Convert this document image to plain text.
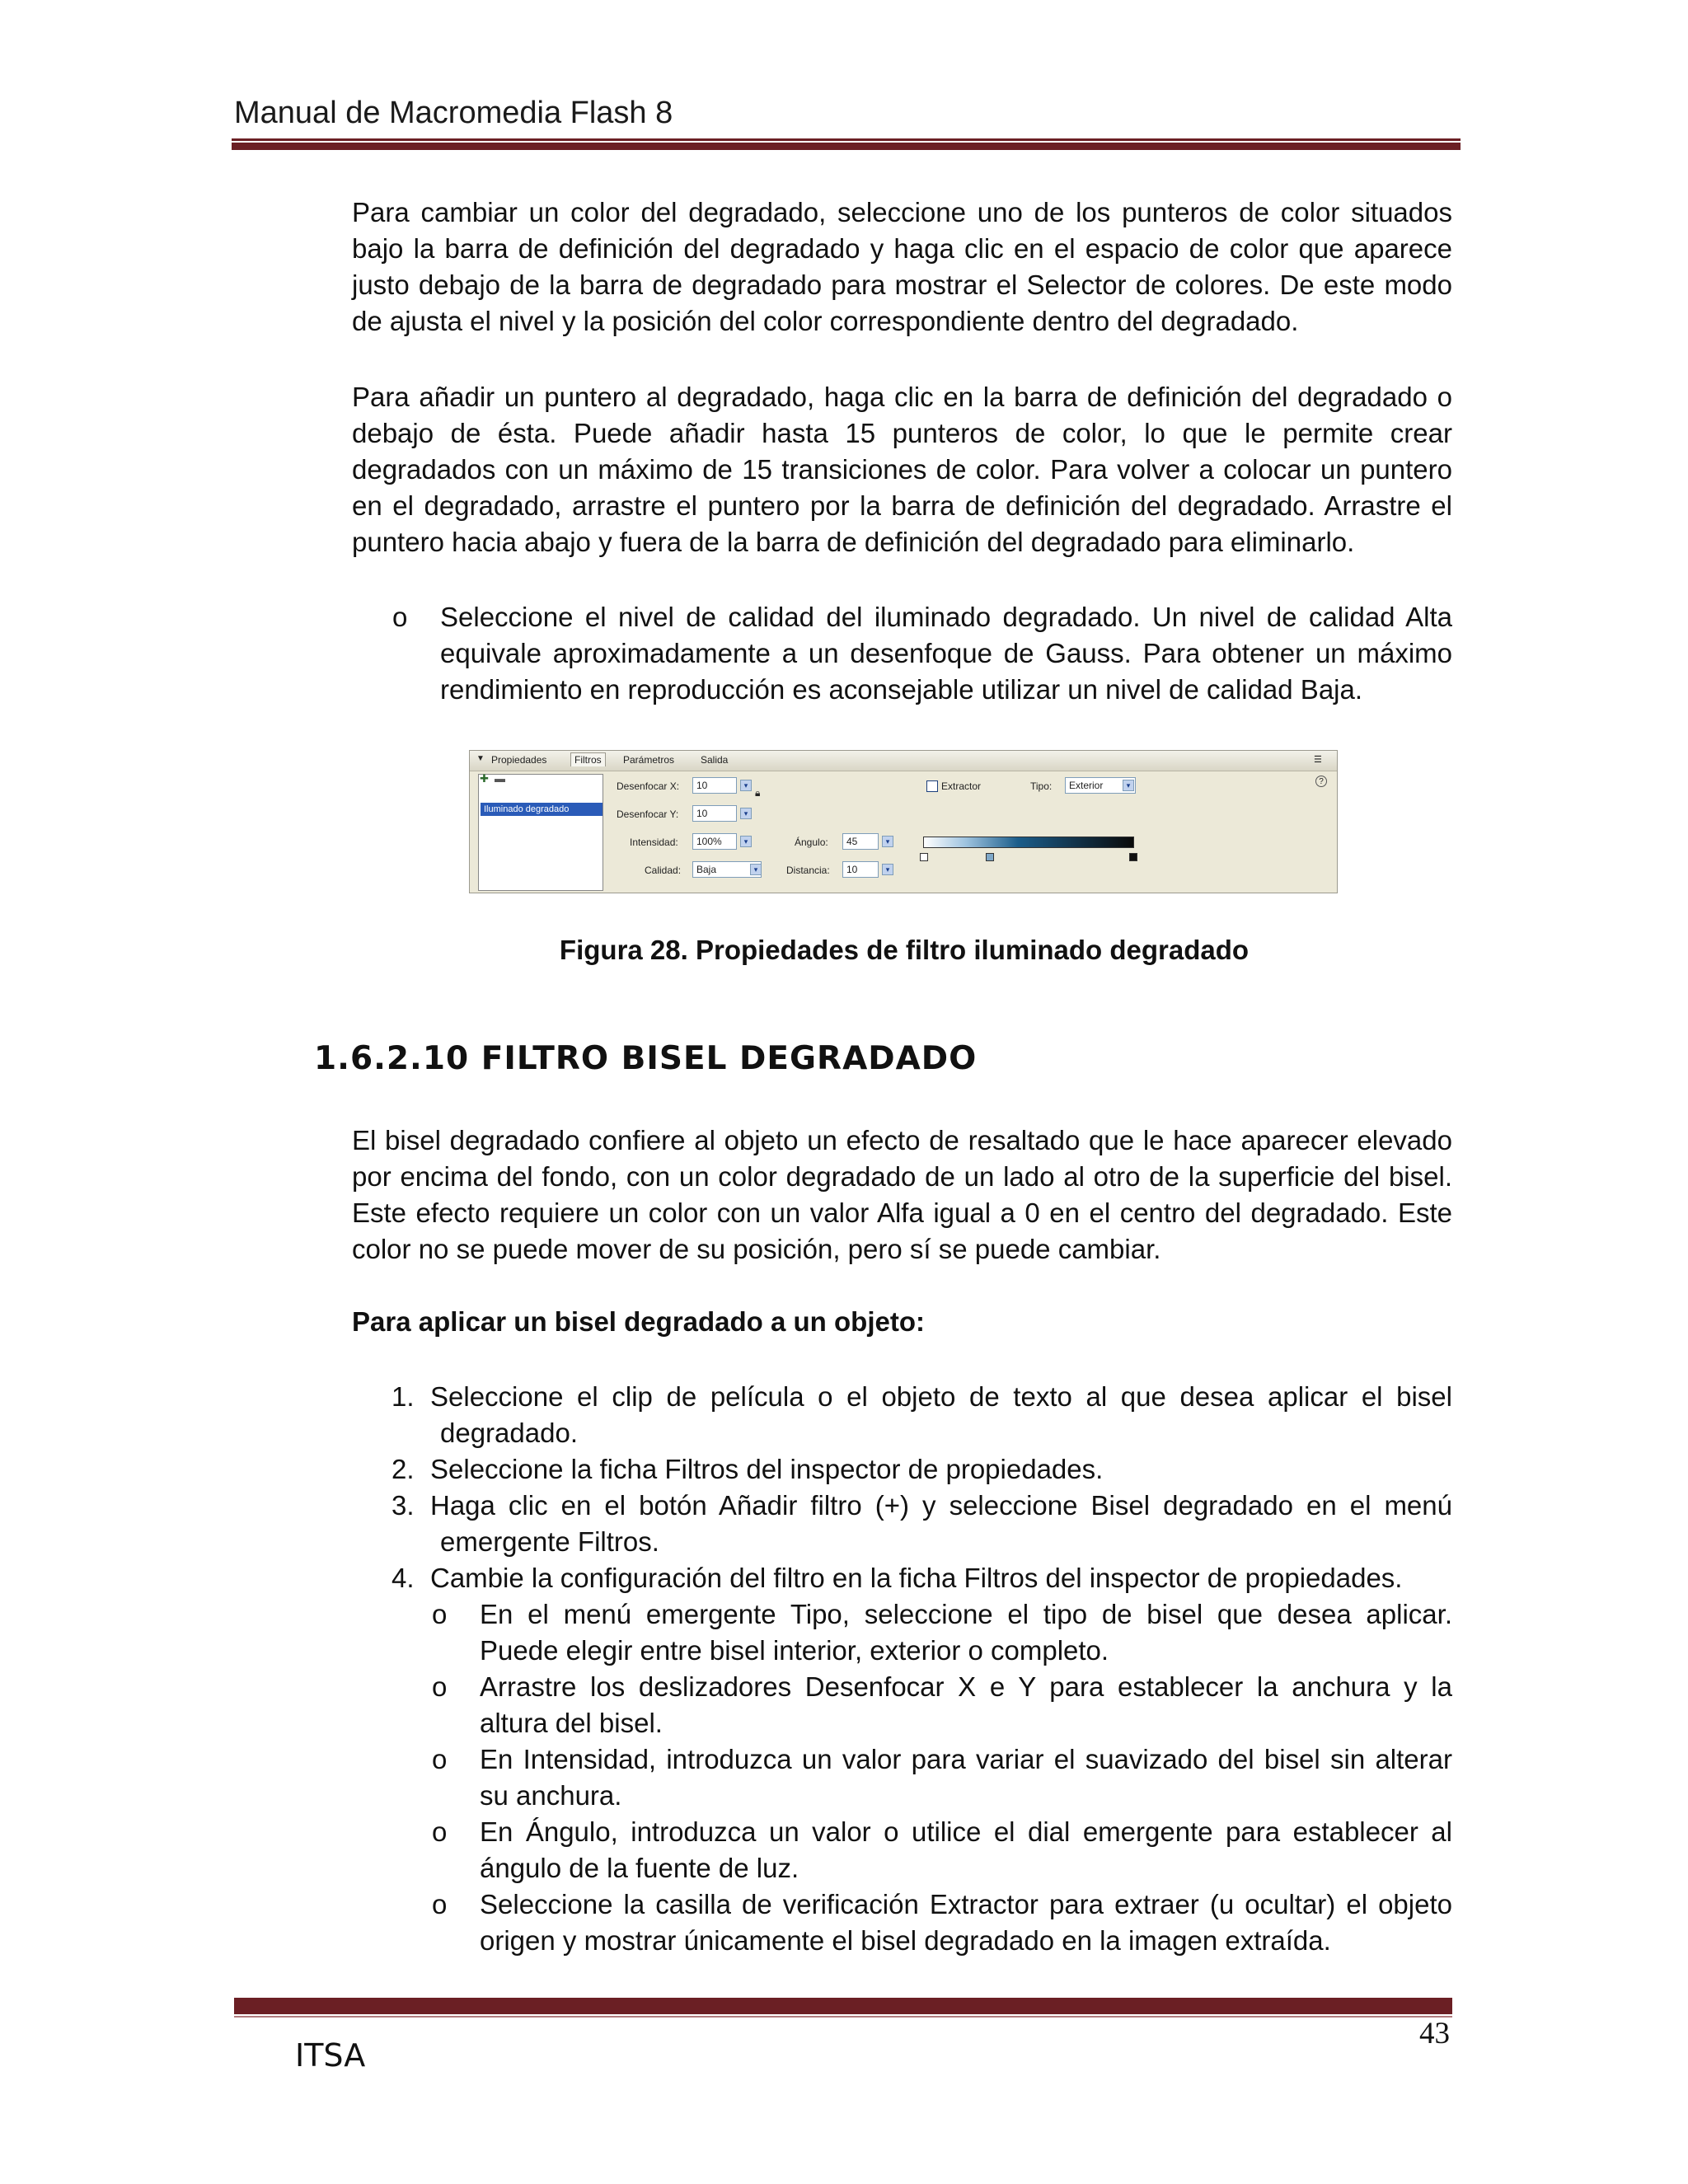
Manual de Macromedia Flash 8
Para cambiar un color del degradado, seleccione uno de los punteros de color situados bajo la barra de definición del degradado y haga clic en el espacio de color que aparece justo debajo de la barra de degradado para mostrar el Selector de colores. De este modo de ajusta el nivel y la posición del color correspondiente dentro del degradado.
Para añadir un puntero al degradado, haga clic en la barra de definición del degradado o debajo de ésta. Puede añadir hasta 15 punteros de color, lo que le permite crear degradados con un máximo de 15 transiciones de color. Para volver a colocar un puntero en el degradado, arrastre el puntero por la barra de definición del degradado. Arrastre el puntero hacia abajo y fuera de la barra de definición del degradado para eliminarlo.
o Seleccione el nivel de calidad del iluminado degradado. Un nivel de calidad Alta equivale aproximadamente a un desenfoque de Gauss. Para obtener un máximo rendimiento en reproducción es aconsejable utilizar un nivel de calidad Baja.
▼ Propiedades	Filtros	Parámetros	Salida	☰
Iluminado degradado
✚ ▬
Desenfocar X:	10	▾
🔒︎
Desenfocar Y:	10	▾
Intensidad:	100%	▾
Calidad:	Baja	▾
Ángulo:	45	▾
Distancia:	10	▾
Extractor	Tipo:	Exterior	▾	?
Figura 28. Propiedades de filtro iluminado degradado
1.6.2.10 FILTRO BISEL DEGRADADO
El bisel degradado confiere al objeto un efecto de resaltado que le hace aparecer elevado por encima del fondo, con un color degradado de un lado al otro de la superficie del bisel. Este efecto requiere un color con un valor Alfa igual a 0 en el centro del degradado. Este color no se puede mover de su posición, pero sí se puede cambiar.
Para aplicar un bisel degradado a un objeto:
1. Seleccione el clip de película o el objeto de texto al que desea aplicar el bisel
degradado.
2. Seleccione la ficha Filtros del inspector de propiedades.
3. Haga clic en el botón Añadir filtro (+) y seleccione Bisel degradado en el menú
emergente Filtros.
4. Cambie la configuración del filtro en la ficha Filtros del inspector de propiedades.
o En el menú emergente Tipo, seleccione el tipo de bisel que desea aplicar. Puede elegir entre bisel interior, exterior o completo.
o Arrastre los deslizadores Desenfocar X e Y para establecer la anchura y la altura del bisel.
o En Intensidad, introduzca un valor para variar el suavizado del bisel sin alterar su anchura.
o En Ángulo, introduzca un valor o utilice el dial emergente para establecer al ángulo de la fuente de luz.
o Seleccione la casilla de verificación Extractor para extraer (u ocultar) el objeto origen y mostrar únicamente el bisel degradado en la imagen extraída.
43
ITSA
